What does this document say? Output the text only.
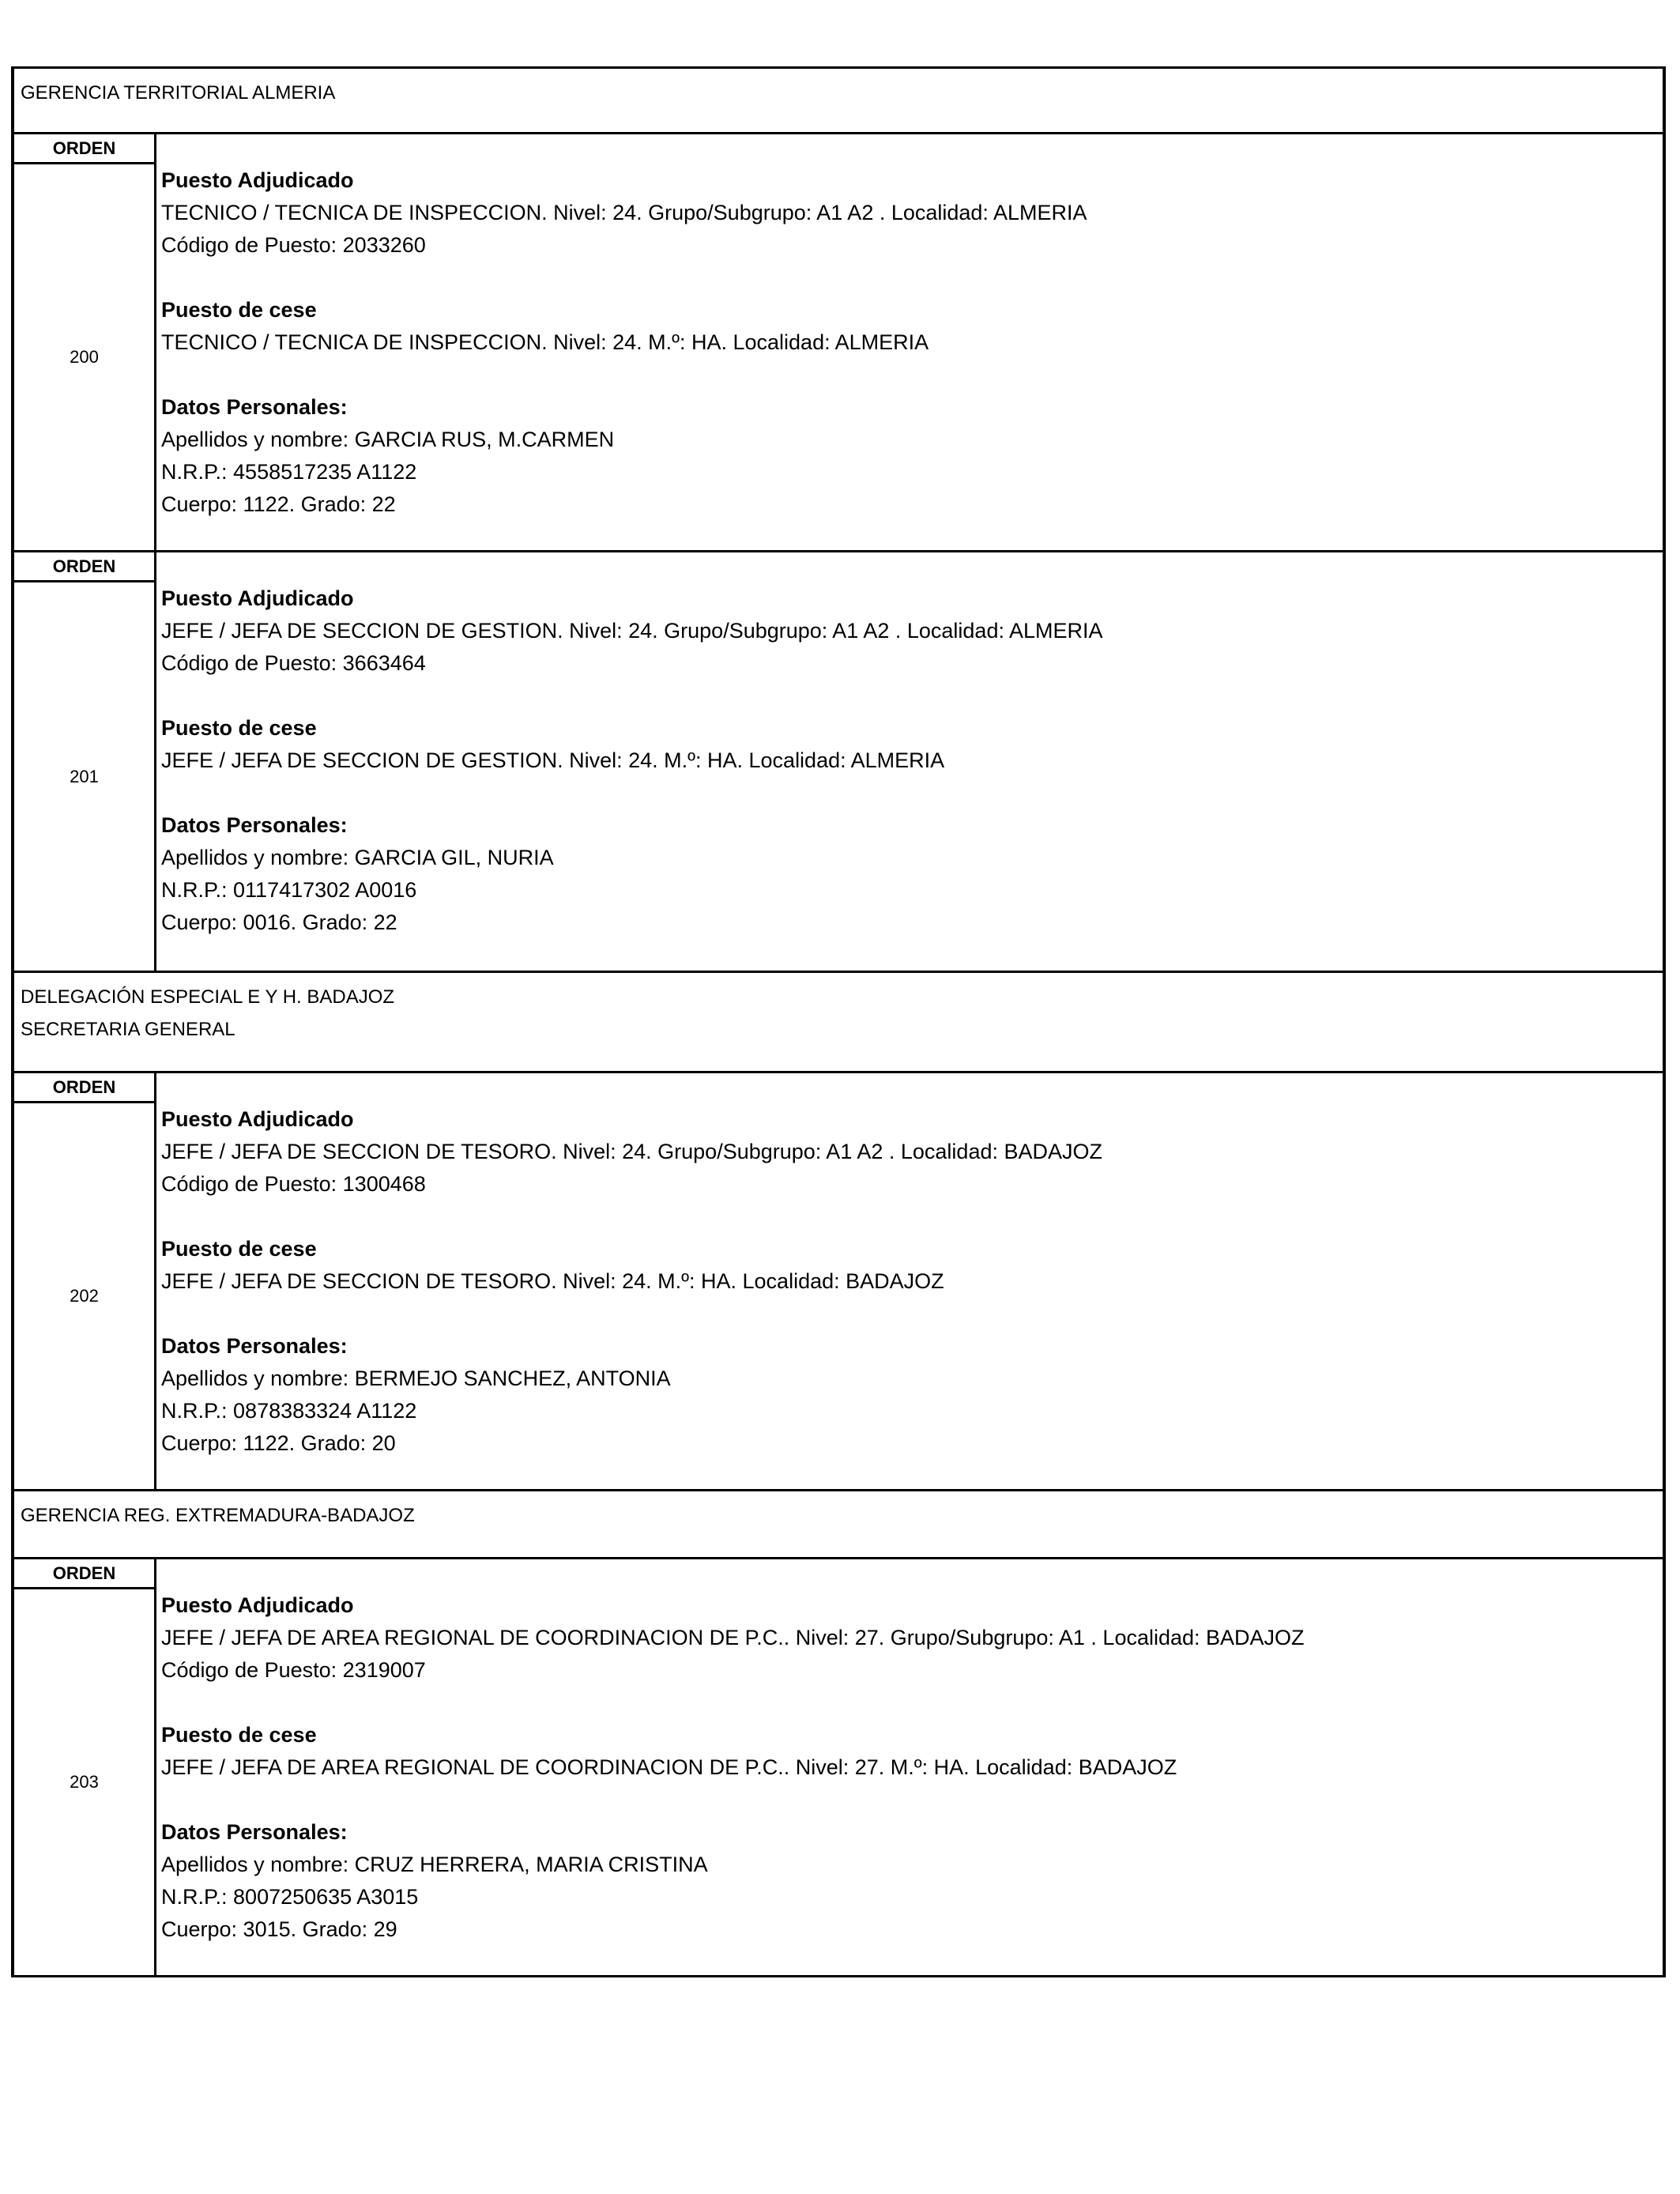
GERENCIA TERRITORIAL ALMERIA
ORDEN
200
Puesto Adjudicado
TECNICO / TECNICA DE INSPECCION. Nivel: 24. Grupo/Subgrupo: A1 A2 . Localidad: ALMERIA
Código de Puesto: 2033260
Puesto de cese
TECNICO / TECNICA DE INSPECCION. Nivel: 24. M.º: HA. Localidad: ALMERIA
Datos Personales:
Apellidos y nombre: GARCIA RUS, M.CARMEN
N.R.P.: 4558517235 A1122
Cuerpo: 1122. Grado: 22
ORDEN
201
Puesto Adjudicado
JEFE / JEFA DE SECCION DE GESTION. Nivel: 24. Grupo/Subgrupo: A1 A2 . Localidad: ALMERIA
Código de Puesto: 3663464
Puesto de cese
JEFE / JEFA DE SECCION DE GESTION. Nivel: 24. M.º: HA. Localidad: ALMERIA
Datos Personales:
Apellidos y nombre: GARCIA GIL, NURIA
N.R.P.: 0117417302 A0016
Cuerpo: 0016. Grado: 22
DELEGACIÓN ESPECIAL E Y H. BADAJOZ
SECRETARIA GENERAL
ORDEN
202
Puesto Adjudicado
JEFE / JEFA DE SECCION DE TESORO. Nivel: 24. Grupo/Subgrupo: A1 A2 . Localidad: BADAJOZ
Código de Puesto: 1300468
Puesto de cese
JEFE / JEFA DE SECCION DE TESORO. Nivel: 24. M.º: HA. Localidad: BADAJOZ
Datos Personales:
Apellidos y nombre: BERMEJO SANCHEZ, ANTONIA
N.R.P.: 0878383324 A1122
Cuerpo: 1122. Grado: 20
GERENCIA REG. EXTREMADURA-BADAJOZ
ORDEN
203
Puesto Adjudicado
JEFE / JEFA DE AREA REGIONAL DE COORDINACION DE P.C.. Nivel: 27. Grupo/Subgrupo: A1 . Localidad: BADAJOZ
Código de Puesto: 2319007
Puesto de cese
JEFE / JEFA DE AREA REGIONAL DE COORDINACION DE P.C.. Nivel: 27. M.º: HA. Localidad: BADAJOZ
Datos Personales:
Apellidos y nombre: CRUZ HERRERA, MARIA CRISTINA
N.R.P.: 8007250635 A3015
Cuerpo: 3015. Grado: 29
